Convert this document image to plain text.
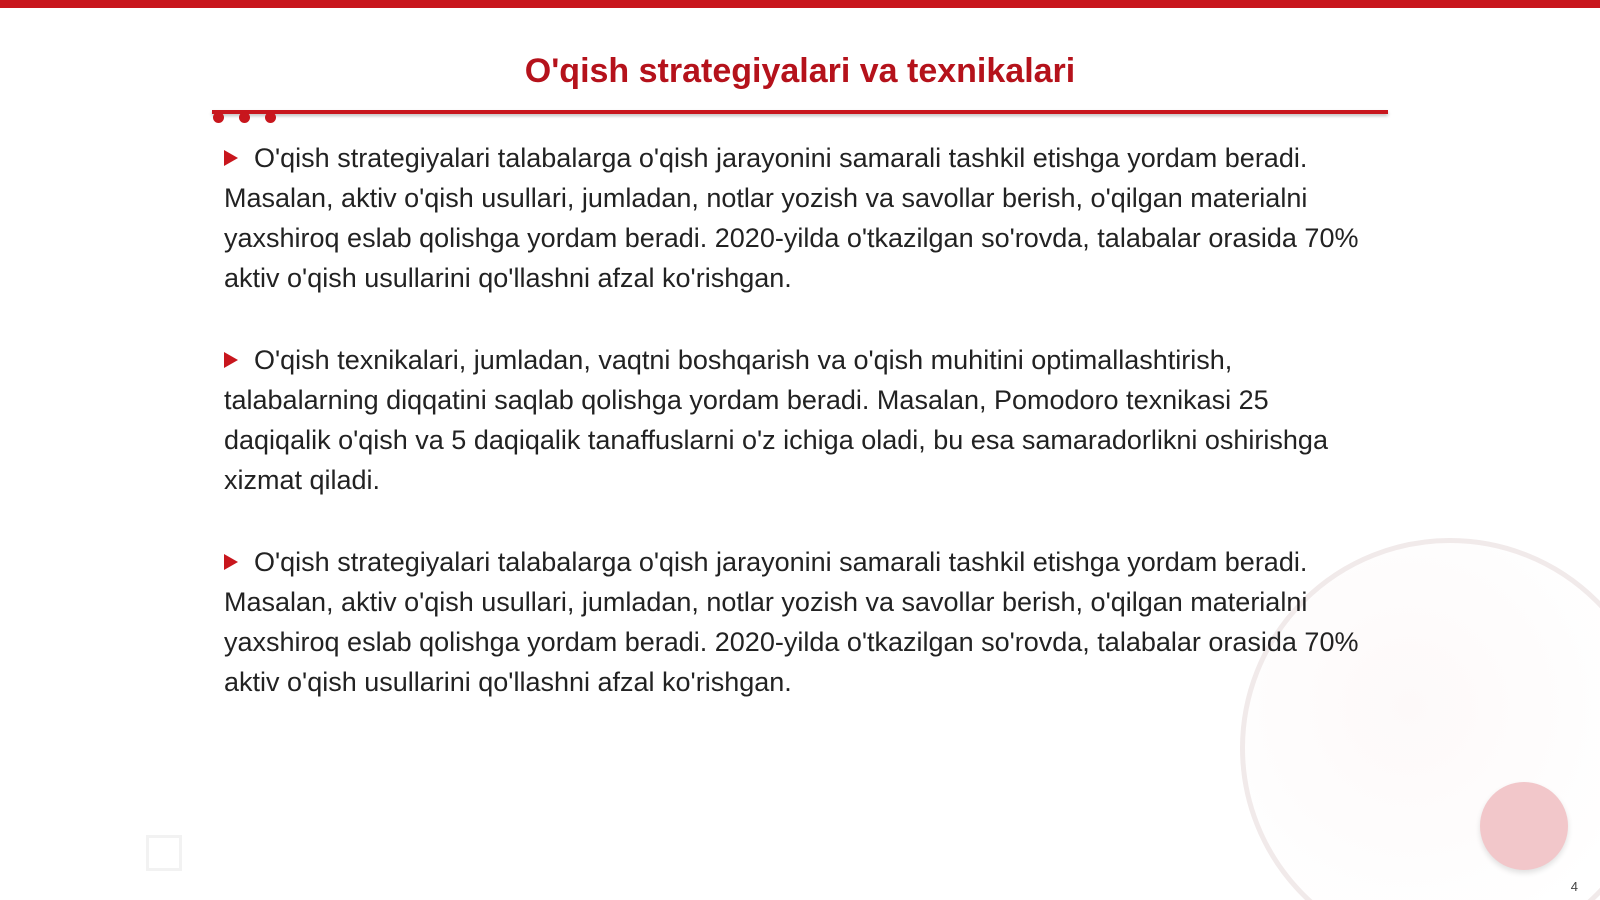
O'qish strategiyalari va texnikalari

O'qish strategiyalari talabalarga o'qish jarayonini samarali tashkil etishga yordam beradi. Masalan, aktiv o'qish usullari, jumladan, notlar yozish va savollar berish, o'qilgan materialni yaxshiroq eslab qolishga yordam beradi. 2020-yilda o'tkazilgan so'rovda, talabalar orasida 70% aktiv o'qish usullarini qo'llashni afzal ko'rishgan.

O'qish texnikalari, jumladan, vaqtni boshqarish va o'qish muhitini optimallashtirish, talabalarning diqqatini saqlab qolishga yordam beradi. Masalan, Pomodoro texnikasi 25 daqiqalik o'qish va 5 daqiqalik tanaffuslarni o'z ichiga oladi, bu esa samaradorlikni oshirishga xizmat qiladi.

O'qish strategiyalari talabalarga o'qish jarayonini samarali tashkil etishga yordam beradi. Masalan, aktiv o'qish usullari, jumladan, notlar yozish va savollar berish, o'qilgan materialni yaxshiroq eslab qolishga yordam beradi. 2020-yilda o'tkazilgan so'rovda, talabalar orasida 70% aktiv o'qish usullarini qo'llashni afzal ko'rishgan.

4
